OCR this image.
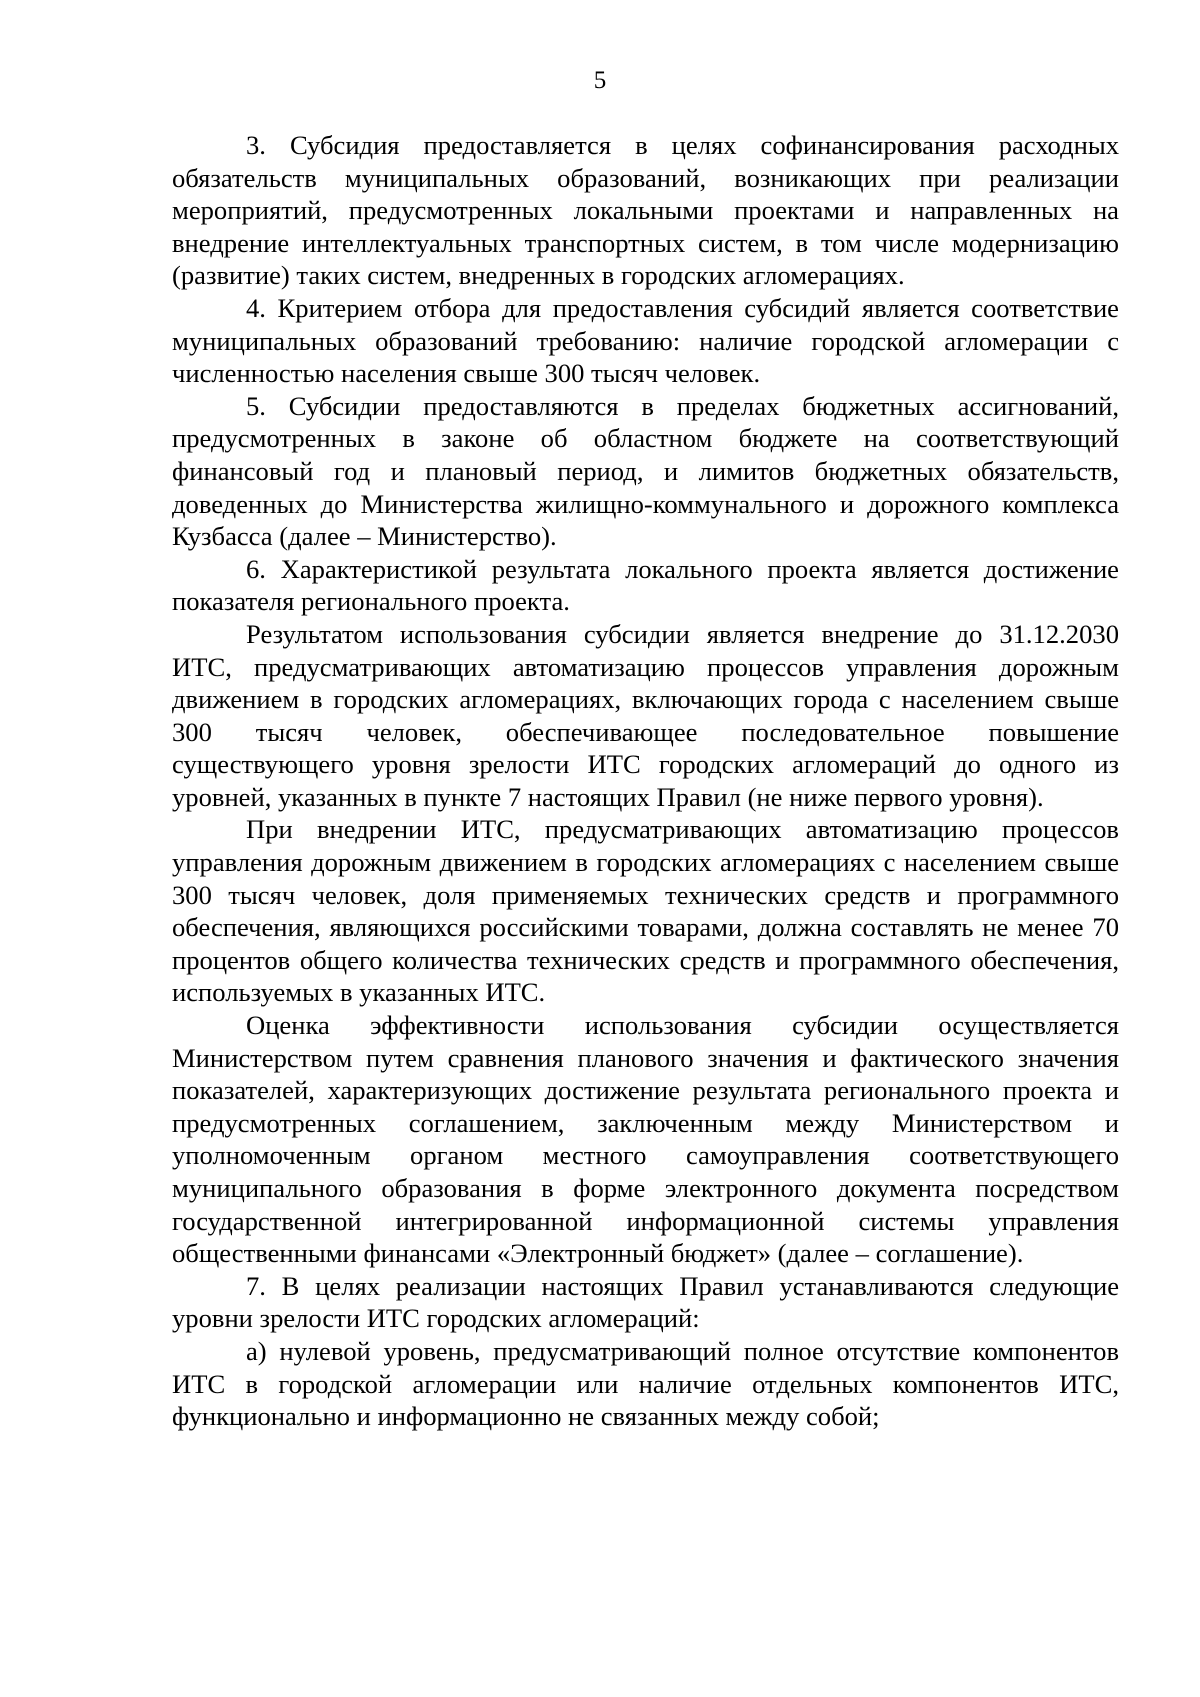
5

3. Субсидия предоставляется в целях софинансирования расходных обязательств муниципальных образований, возникающих при реализации мероприятий, предусмотренных локальными проектами и направленных на внедрение интеллектуальных транспортных систем, в том числе модернизацию (развитие) таких систем, внедренных в городских агломерациях.

4. Критерием отбора для предоставления субсидий является соответствие муниципальных образований требованию: наличие городской агломерации с численностью населения свыше 300 тысяч человек.

5. Субсидии предоставляются в пределах бюджетных ассигнований, предусмотренных в законе об областном бюджете на соответствующий финансовый год и плановый период, и лимитов бюджетных обязательств, доведенных до Министерства жилищно-коммунального и дорожного комплекса Кузбасса (далее – Министерство).

6. Характеристикой результата локального проекта является достижение показателя регионального проекта.

Результатом использования субсидии является внедрение до 31.12.2030 ИТС, предусматривающих автоматизацию процессов управления дорожным движением в городских агломерациях, включающих города с населением свыше 300 тысяч человек, обеспечивающее последовательное повышение существующего уровня зрелости ИТС городских агломераций до одного из уровней, указанных в пункте 7 настоящих Правил (не ниже первого уровня).

При внедрении ИТС, предусматривающих автоматизацию процессов управления дорожным движением в городских агломерациях с населением свыше 300 тысяч человек, доля применяемых технических средств и программного обеспечения, являющихся российскими товарами, должна составлять не менее 70 процентов общего количества технических средств и программного обеспечения, используемых в указанных ИТС.

Оценка эффективности использования субсидии осуществляется Министерством путем сравнения планового значения и фактического значения показателей, характеризующих достижение результата регионального проекта и предусмотренных соглашением, заключенным между Министерством и уполномоченным органом местного самоуправления соответствующего муниципального образования в форме электронного документа посредством государственной интегрированной информационной системы управления общественными финансами «Электронный бюджет» (далее – соглашение).

7. В целях реализации настоящих Правил устанавливаются следующие уровни зрелости ИТС городских агломераций:

а) нулевой уровень, предусматривающий полное отсутствие компонентов ИТС в городской агломерации или наличие отдельных компонентов ИТС, функционально и информационно не связанных между собой;
